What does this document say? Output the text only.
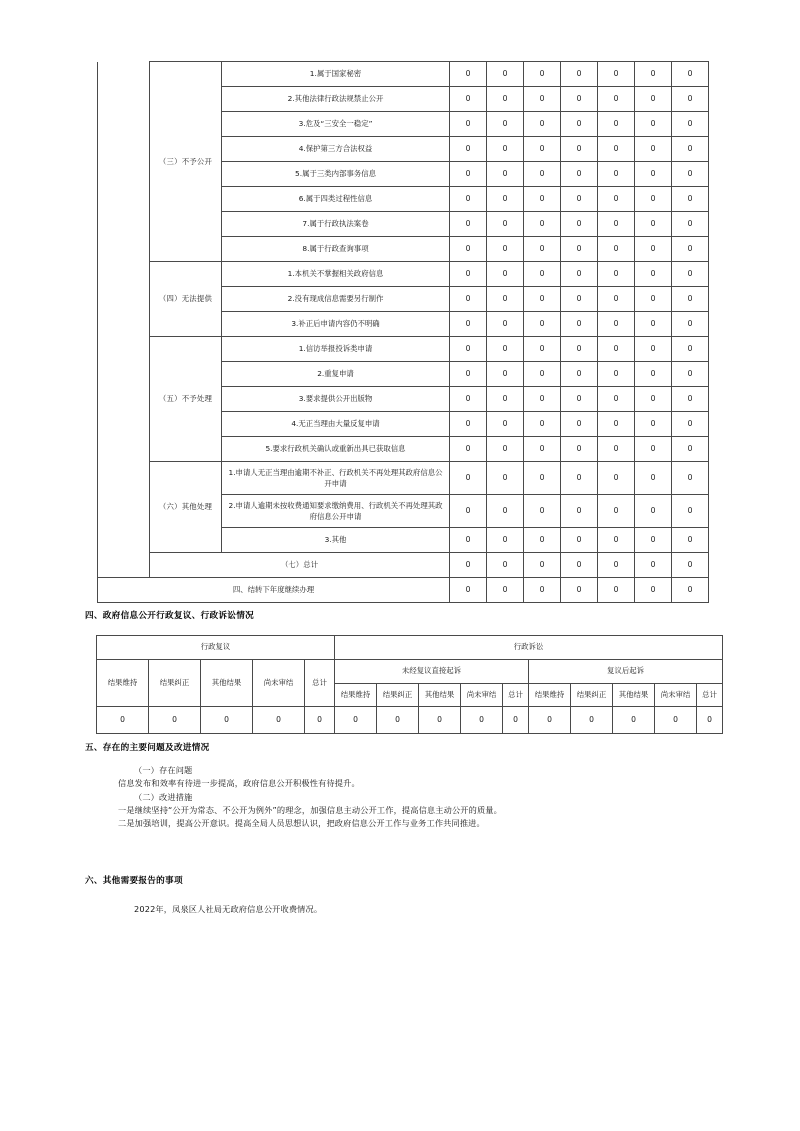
	（三）不予公开	1.属于国家秘密	0	0	0	0	0	0	0
		2.其他法律行政法规禁止公开	0	0	0	0	0	0	0
		3.危及“三安全一稳定”	0	0	0	0	0	0	0
		4.保护第三方合法权益	0	0	0	0	0	0	0
		5.属于三类内部事务信息	0	0	0	0	0	0	0
		6.属于四类过程性信息	0	0	0	0	0	0	0
		7.属于行政执法案卷	0	0	0	0	0	0	0
		8.属于行政查询事项	0	0	0	0	0	0	0
	（四）无法提供	1.本机关不掌握相关政府信息	0	0	0	0	0	0	0
		2.没有现成信息需要另行制作	0	0	0	0	0	0	0
		3.补正后申请内容仍不明确	0	0	0	0	0	0	0
	（五）不予处理	1.信访举报投诉类申请	0	0	0	0	0	0	0
		2.重复申请	0	0	0	0	0	0	0
		3.要求提供公开出版物	0	0	0	0	0	0	0
		4.无正当理由大量反复申请	0	0	0	0	0	0	0
		5.要求行政机关确认或重新出具已获取信息	0	0	0	0	0	0	0
	（六）其他处理	1.申请人无正当理由逾期不补正、行政机关不再处理其政府信息公开申请	0	0	0	0	0	0	0
		2.申请人逾期未按收费通知要求缴纳费用、行政机关不再处理其政府信息公开申请	0	0	0	0	0	0	0
		3.其他	0	0	0	0	0	0	0
	（七）总计		0	0	0	0	0	0	0
四、结转下年度继续办理			0	0	0	0	0	0	0
四、政府信息公开行政复议、行政诉讼情况
行政复议					行政诉讼									
结果维持	结果纠正	其他结果	尚未审结	总计	未经复议直接起诉					复议后起诉				
					结果维持	结果纠正	其他结果	尚未审结	总计	结果维持	结果纠正	其他结果	尚未审结	总计
0	0	0	0	0	0	0	0	0	0	0	0	0	0	0
五、存在的主要问题及改进情况
（一）存在问题
信息发布和效率有待进一步提高，政府信息公开积极性有待提升。
（二）改进措施
一是继续坚持“公开为常态、不公开为例外”的理念，加强信息主动公开工作，提高信息主动公开的质量。
二是加强培训，提高公开意识。提高全局人员思想认识，把政府信息公开工作与业务工作共同推进。
六、其他需要报告的事项
2022年，凤泉区人社局无政府信息公开收费情况。
